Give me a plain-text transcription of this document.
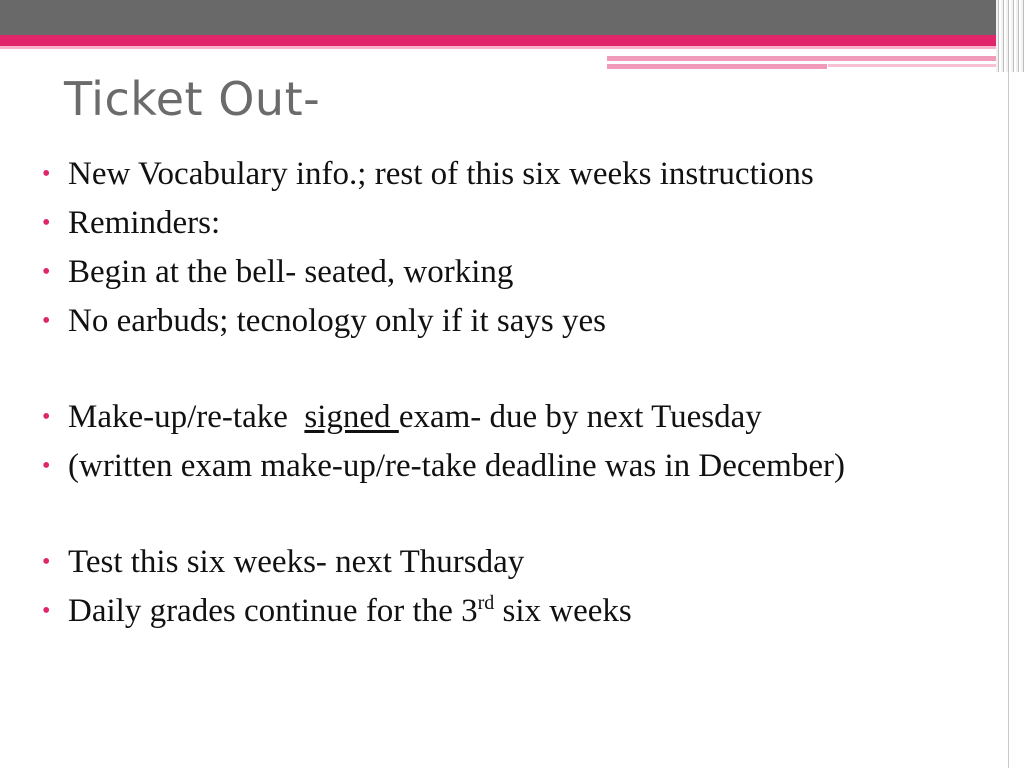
Ticket Out-
• New Vocabulary info.; rest of this six weeks instructions
• Reminders:
• Begin at the bell- seated, working
• No earbuds; tecnology only if it says yes
• Make-up/re-take  signed exam- due by next Tuesday
• (written exam make-up/re-take deadline was in December)
• Test this six weeks- next Thursday
• Daily grades continue for the 3rd six weeks
